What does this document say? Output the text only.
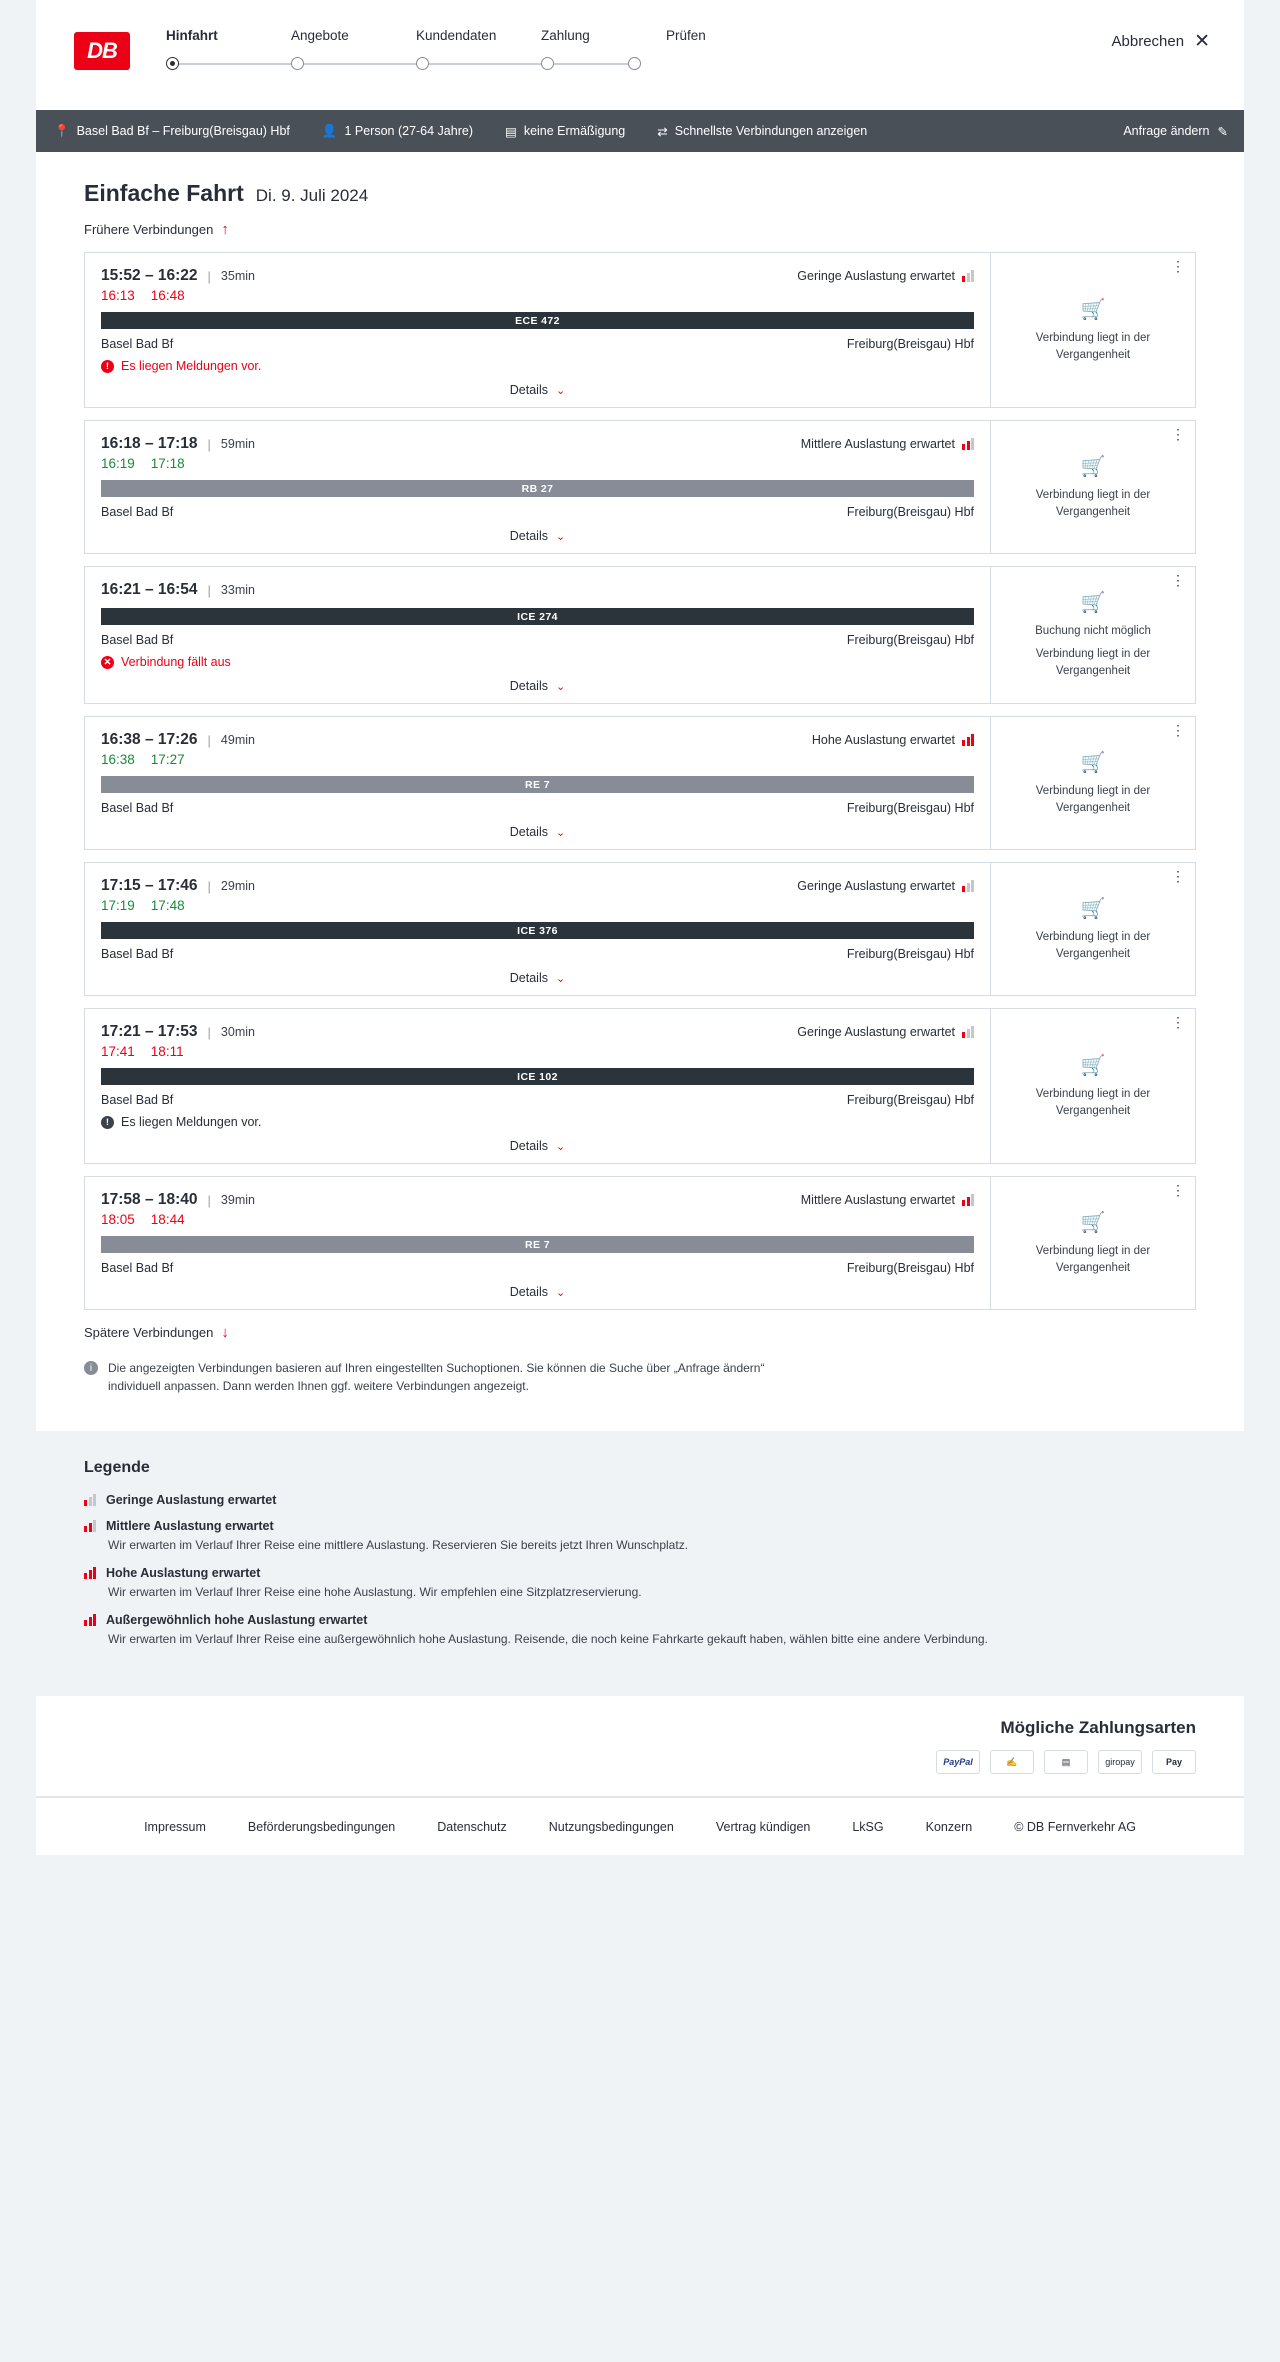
DB
Hinfahrt	Angebote	Kundendaten	Zahlung	Prüfen	Abbrechen ✕
📍 Basel Bad Bf – Freiburg(Breisgau) Hbf	👤 1 Person (27-64 Jahre)	▤ keine Ermäßigung	⇄ Schnellste Verbindungen anzeigen	Anfrage ändern ✎
Einfache Fahrt Di. 9. Juli 2024
Frühere Verbindungen ↑
15:52 – 16:22 | 35min	Geringe Auslastung erwartet
16:13 16:48
ECE 472
Basel Bad Bf	Freiburg(Breisgau) Hbf
! Es liegen Meldungen vor.
Details ⌄
⋮
🛒
Verbindung liegt in der Vergangenheit
16:18 – 17:18 | 59min	Mittlere Auslastung erwartet
16:19 17:18
RB 27
Basel Bad Bf	Freiburg(Breisgau) Hbf
Details ⌄
⋮
🛒
Verbindung liegt in der Vergangenheit
16:21 – 16:54 | 33min
ICE 274
Basel Bad Bf	Freiburg(Breisgau) Hbf
✕ Verbindung fällt aus
Details ⌄
⋮
🛒
Buchung nicht möglich
Verbindung liegt in der Vergangenheit
16:38 – 17:26 | 49min	Hohe Auslastung erwartet
16:38 17:27
RE 7
Basel Bad Bf	Freiburg(Breisgau) Hbf
Details ⌄
⋮
🛒
Verbindung liegt in der Vergangenheit
17:15 – 17:46 | 29min	Geringe Auslastung erwartet
17:19 17:48
ICE 376
Basel Bad Bf	Freiburg(Breisgau) Hbf
Details ⌄
⋮
🛒
Verbindung liegt in der Vergangenheit
17:21 – 17:53 | 30min	Geringe Auslastung erwartet
17:41 18:11
ICE 102
Basel Bad Bf	Freiburg(Breisgau) Hbf
! Es liegen Meldungen vor.
Details ⌄
⋮
🛒
Verbindung liegt in der Vergangenheit
17:58 – 18:40 | 39min	Mittlere Auslastung erwartet
18:05 18:44
RE 7
Basel Bad Bf	Freiburg(Breisgau) Hbf
Details ⌄
⋮
🛒
Verbindung liegt in der Vergangenheit
Spätere Verbindungen ↓
i	Die angezeigten Verbindungen basieren auf Ihren eingestellten Suchoptionen. Sie können die Suche über „Anfrage ändern“ individuell anpassen. Dann werden Ihnen ggf. weitere Verbindungen angezeigt.
Legende
Geringe Auslastung erwartet
Mittlere Auslastung erwartet
Wir erwarten im Verlauf Ihrer Reise eine mittlere Auslastung. Reservieren Sie bereits jetzt Ihren Wunschplatz.
Hohe Auslastung erwartet
Wir erwarten im Verlauf Ihrer Reise eine hohe Auslastung. Wir empfehlen eine Sitzplatzreservierung.
Außergewöhnlich hohe Auslastung erwartet
Wir erwarten im Verlauf Ihrer Reise eine außergewöhnlich hohe Auslastung. Reisende, die noch keine Fahrkarte gekauft haben, wählen bitte eine andere Verbindung.
Mögliche Zahlungsarten
PayPal	✍	▤	giropay	Pay
Impressum	Beförderungsbedingungen	Datenschutz	Nutzungsbedingungen	Vertrag kündigen	LkSG	Konzern	© DB Fernverkehr AG
